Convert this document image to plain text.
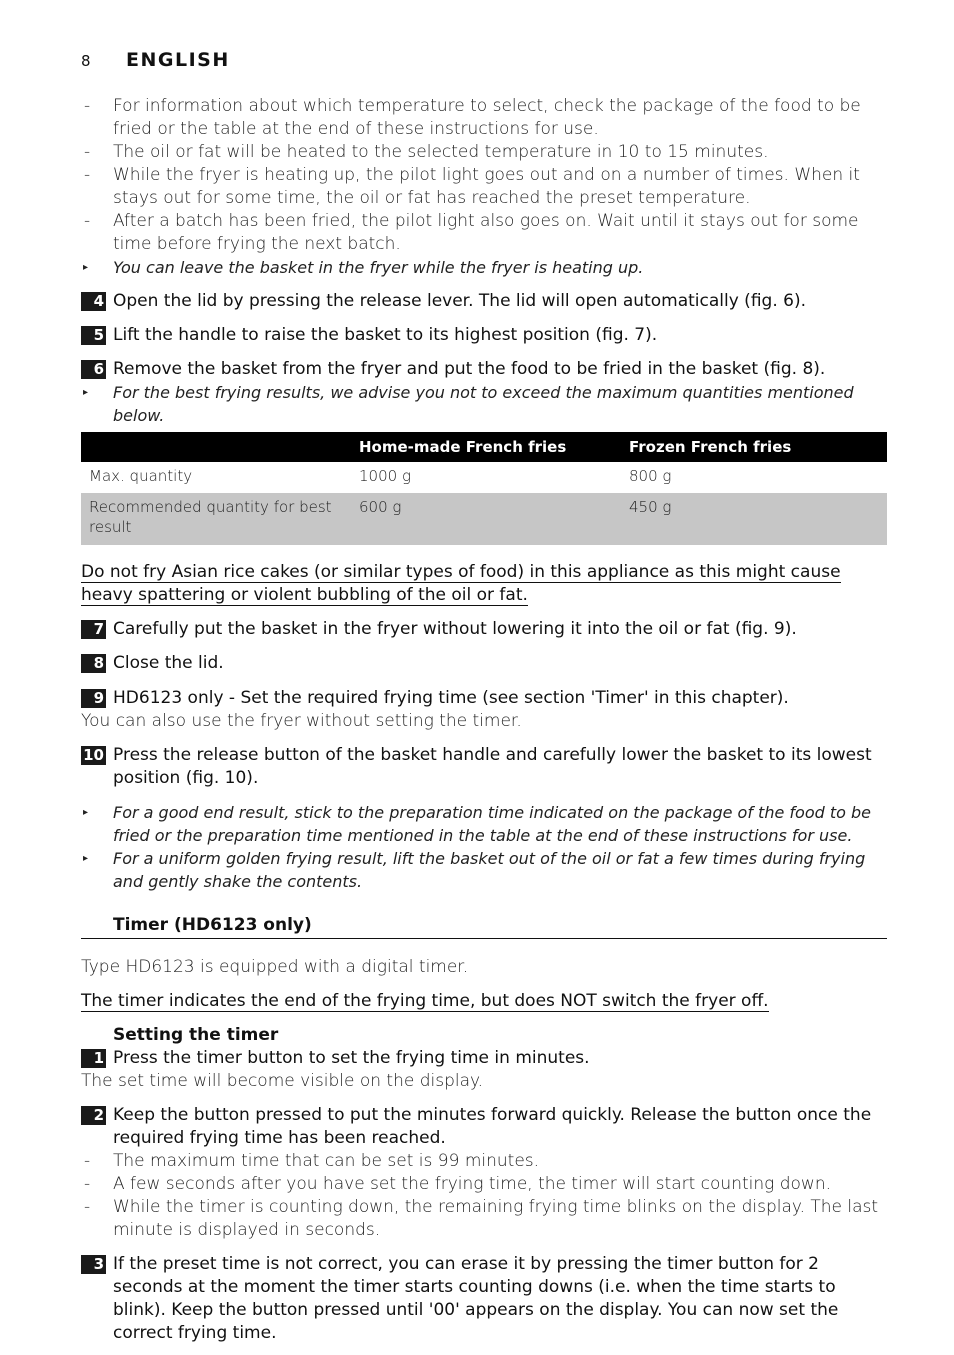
8	ENGLISH
- For information about which temperature to select, check the package of the food to be fried or the table at the end of these instructions for use.
- The oil or fat will be heated to the selected temperature in 10 to 15 minutes.
- While the fryer is heating up, the pilot light goes out and on a number of times. When it stays out for some time, the oil or fat has reached the preset temperature.
- After a batch has been fried, the pilot light also goes on. Wait until it stays out for some time before frying the next batch.
▸ You can leave the basket in the fryer while the fryer is heating up.
4 Open the lid by pressing the release lever. The lid will open automatically (fig. 6).
5 Lift the handle to raise the basket to its highest position (fig. 7).
6 Remove the basket from the fryer and put the food to be fried in the basket (fig. 8).
▸ For the best frying results, we advise you not to exceed the maximum quantities mentioned below.
	Home-made French fries	Frozen French fries
Max. quantity	1000 g	800 g
Recommended quantity for best result	600 g	450 g
Do not fry Asian rice cakes (or similar types of food) in this appliance as this might cause heavy spattering or violent bubbling of the oil or fat.
7 Carefully put the basket in the fryer without lowering it into the oil or fat (fig. 9).
8 Close the lid.
9 HD6123 only - Set the required frying time (see section 'Timer' in this chapter).
You can also use the fryer without setting the timer.
10 Press the release button of the basket handle and carefully lower the basket to its lowest position (fig. 10).
▸ For a good end result, stick to the preparation time indicated on the package of the food to be fried or the preparation time mentioned in the table at the end of these instructions for use.
▸ For a uniform golden frying result, lift the basket out of the oil or fat a few times during frying and gently shake the contents.
Timer (HD6123 only)
Type HD6123 is equipped with a digital timer.
The timer indicates the end of the frying time, but does NOT switch the fryer off.
Setting the timer
1 Press the timer button to set the frying time in minutes.
The set time will become visible on the display.
2 Keep the button pressed to put the minutes forward quickly. Release the button once the required frying time has been reached.
- The maximum time that can be set is 99 minutes.
- A few seconds after you have set the frying time, the timer will start counting down.
- While the timer is counting down, the remaining frying time blinks on the display. The last minute is displayed in seconds.
3 If the preset time is not correct, you can erase it by pressing the timer button for 2 seconds at the moment the timer starts counting downs (i.e. when the time starts to blink). Keep the button pressed until '00' appears on the display. You can now set the correct frying time.
